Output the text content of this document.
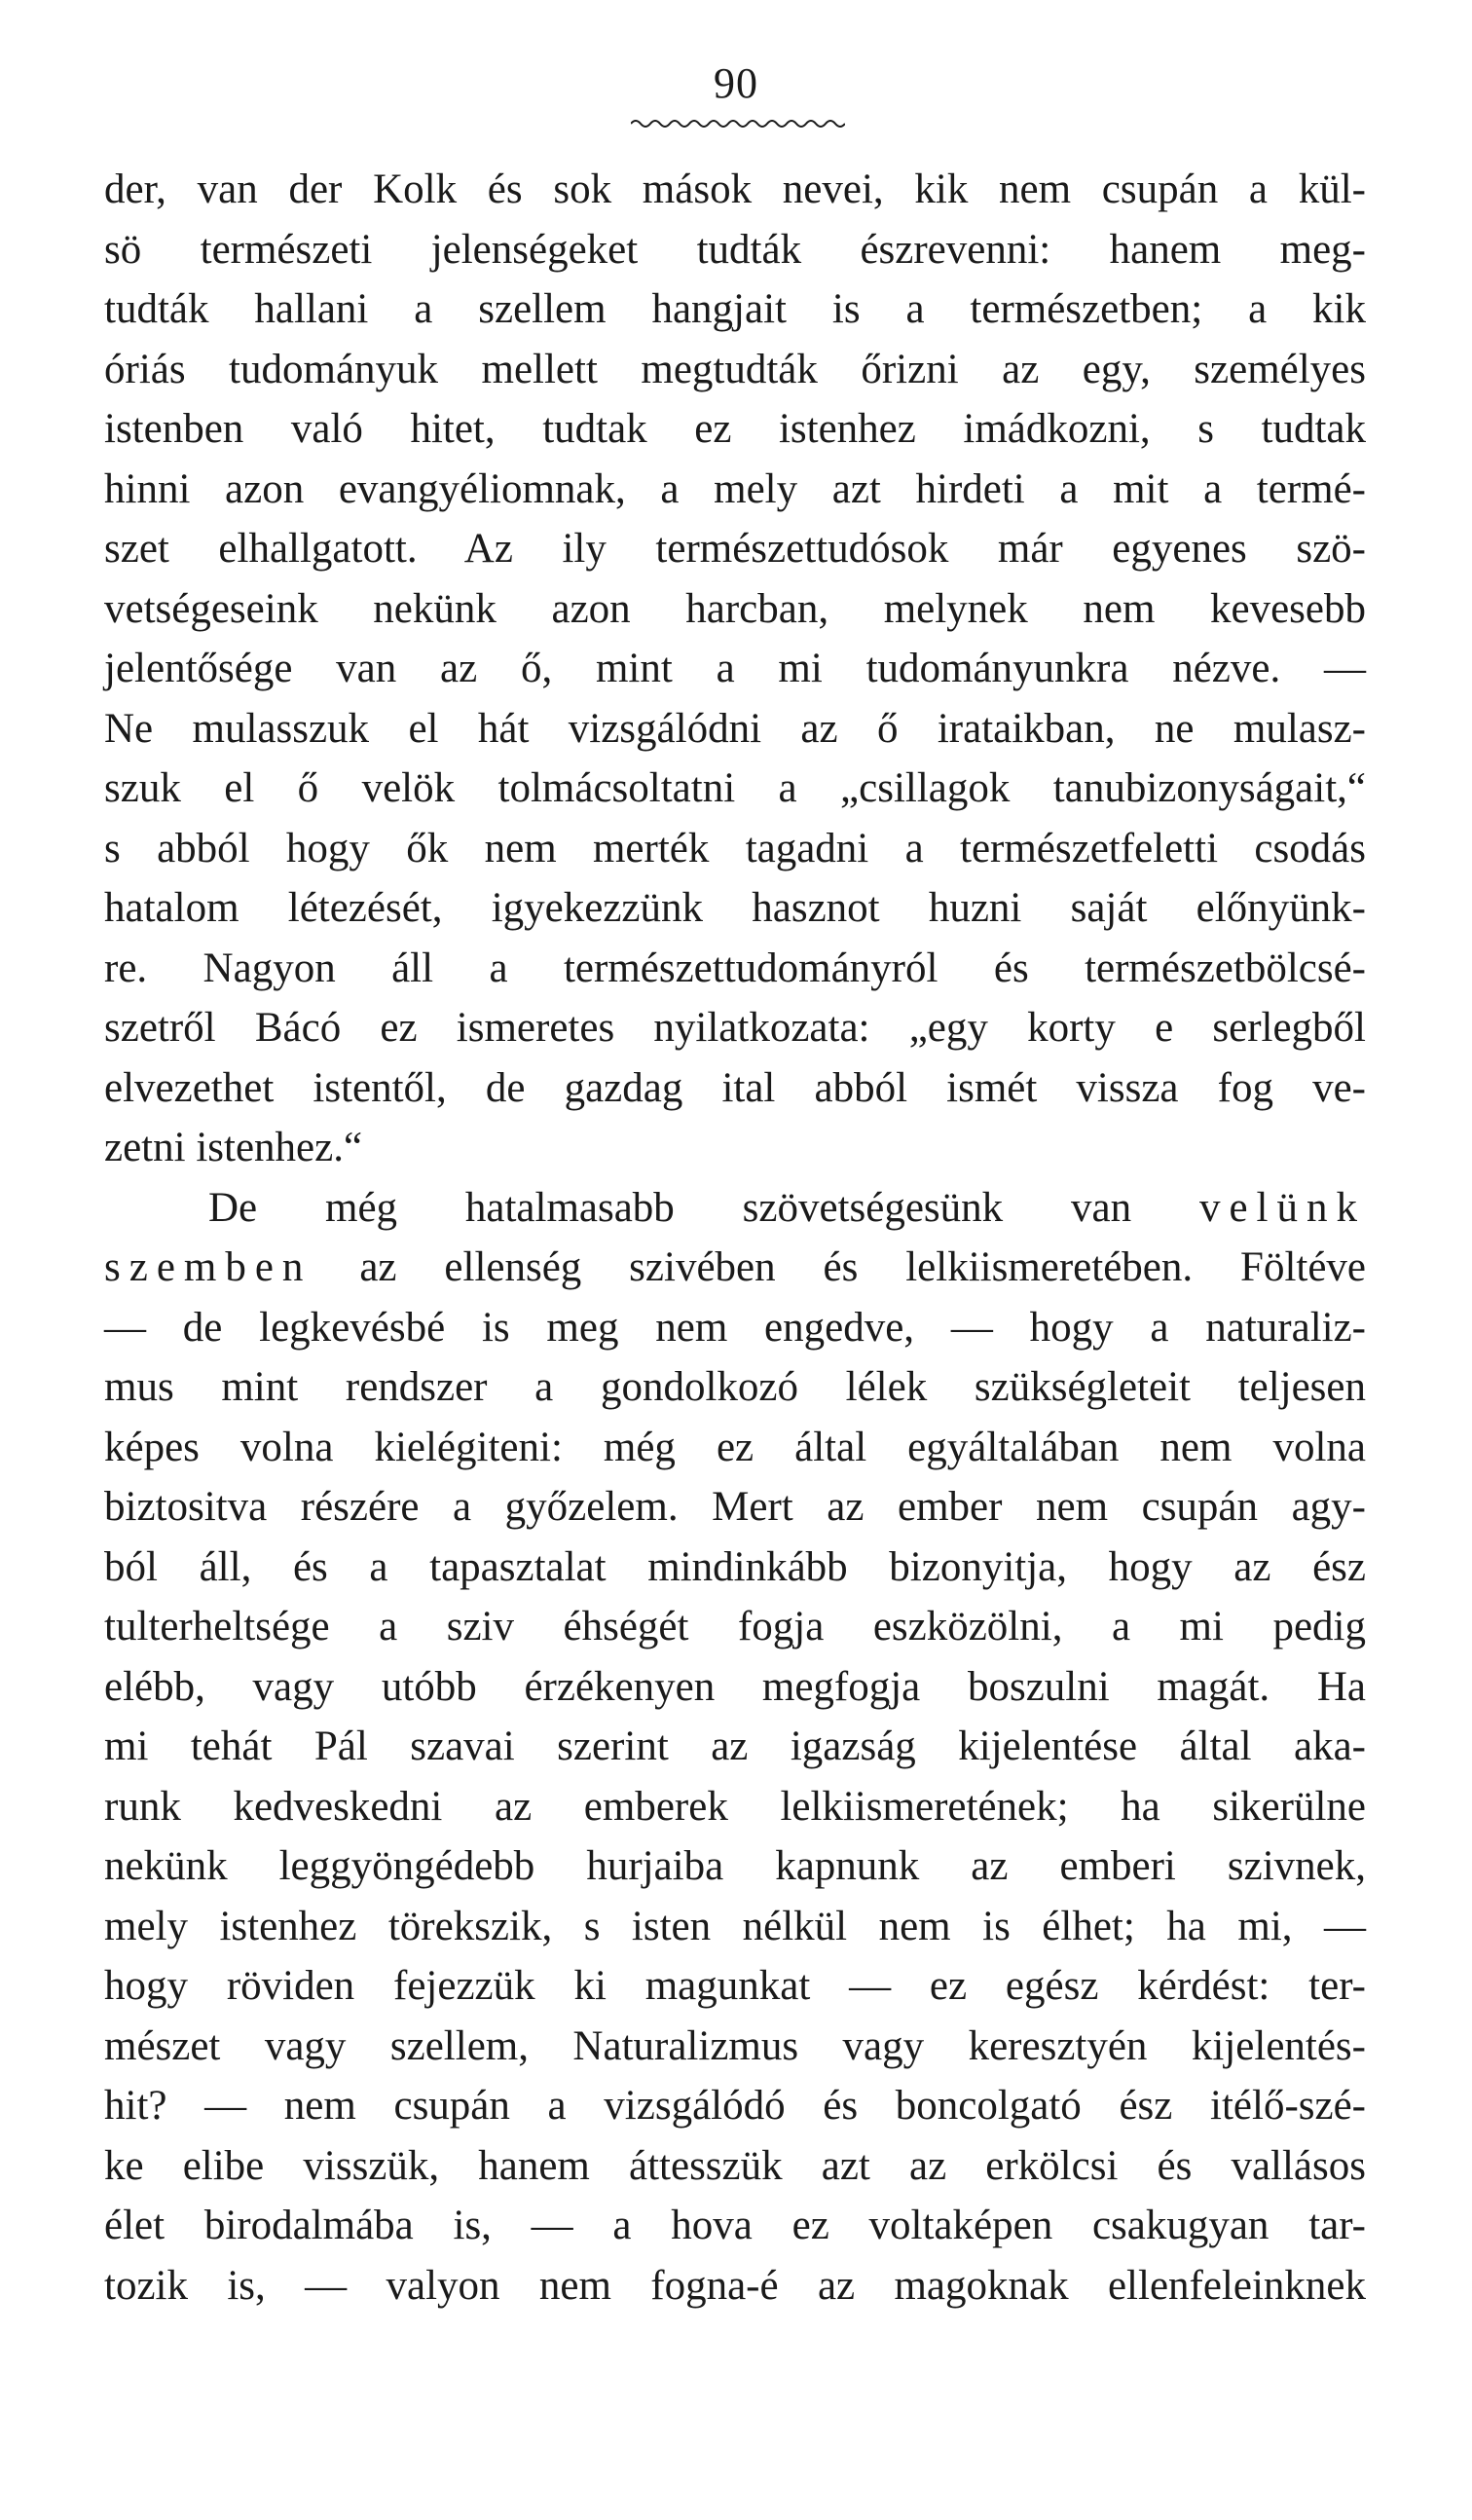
90
der, van der Kolk és sok mások nevei, kik nem csupán a kül-
sö természeti jelenségeket tudták észrevenni: hanem meg-
tudták hallani a szellem hangjait is a természetben; a kik
óriás tudományuk mellett megtudták őrizni az egy, személyes
istenben való hitet, tudtak ez istenhez imádkozni, s tudtak
hinni azon evangyéliomnak, a mely azt hirdeti a mit a termé-
szet elhallgatott. Az ily természettudósok már egyenes szö-
vetségeseink nekünk azon harcban, melynek nem kevesebb
jelentősége van az ő, mint a mi tudományunkra nézve. —
Ne mulasszuk el hát vizsgálódni az ő irataikban, ne mulasz-
szuk el ő velök tolmácsoltatni a „csillagok tanubizonyságait,“
s abból hogy ők nem merték tagadni a természetfeletti csodás
hatalom létezését, igyekezzünk hasznot huzni saját előnyünk-
re. Nagyon áll a természettudományról és természetbölcsé-
szetről Bácó ez ismeretes nyilatkozata: „egy korty e serlegből
elvezethet istentől, de gazdag ital abból ismét vissza fog ve-
zetni istenhez.“
De még hatalmasabb szövetségesünk van velünk
szemben az ellenség szivében és lelkiismeretében. Föltéve
— de legkevésbé is meg nem engedve, — hogy a naturaliz-
mus mint rendszer a gondolkozó lélek szükségleteit teljesen
képes volna kielégiteni: még ez által egyáltalában nem volna
biztositva részére a győzelem. Mert az ember nem csupán agy-
ból áll, és a tapasztalat mindinkább bizonyitja, hogy az ész
tulterheltsége a sziv éhségét fogja eszközölni, a mi pedig
elébb, vagy utóbb érzékenyen megfogja boszulni magát. Ha
mi tehát Pál szavai szerint az igazság kijelentése által aka-
runk kedveskedni az emberek lelkiismeretének; ha sikerülne
nekünk leggyöngédebb hurjaiba kapnunk az emberi szivnek,
mely istenhez törekszik, s isten nélkül nem is élhet; ha mi, —
hogy röviden fejezzük ki magunkat — ez egész kérdést: ter-
mészet vagy szellem, Naturalizmus vagy keresztyén kijelentés-
hit? — nem csupán a vizsgálódó és boncolgató ész itélő-szé-
ke elibe visszük, hanem áttesszük azt az erkölcsi és vallásos
élet birodalmába is, — a hova ez voltaképen csakugyan tar-
tozik is, — valyon nem fogna-é az magoknak ellenfeleinknek
